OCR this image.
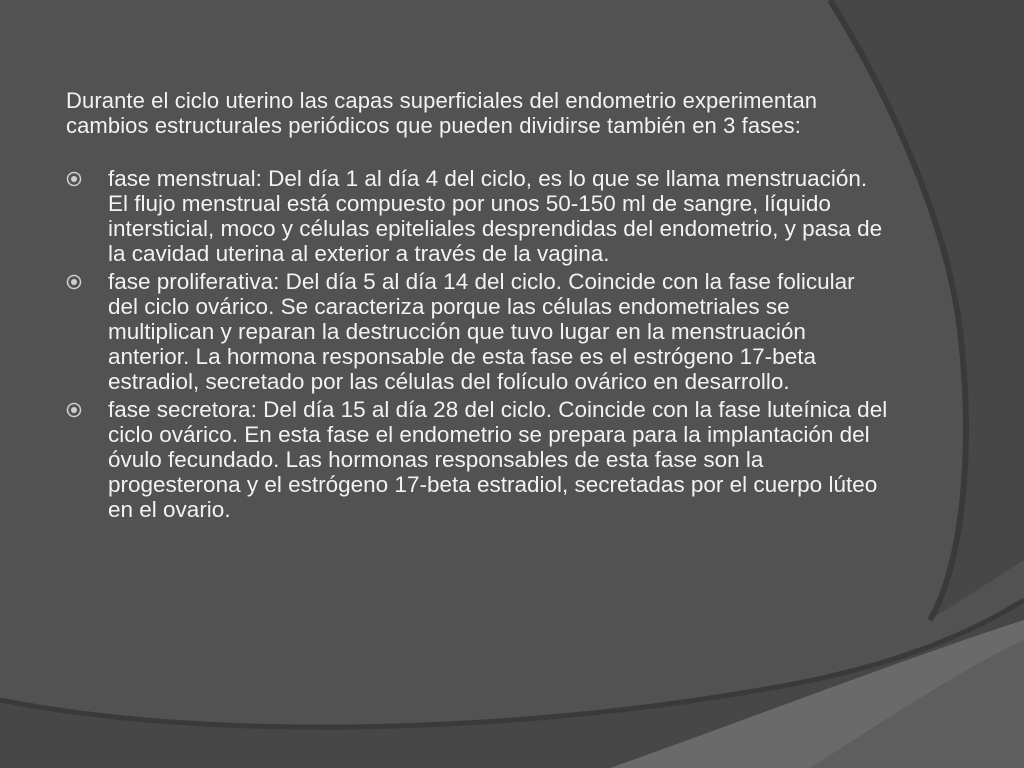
Durante el ciclo uterino las capas superficiales del endometrio experimentan cambios estructurales periódicos que pueden dividirse también en 3 fases:

fase menstrual: Del día 1 al día 4 del ciclo, es lo que se llama menstruación. El flujo menstrual está compuesto por unos 50-150 ml de sangre, líquido intersticial, moco y células epiteliales desprendidas del endometrio, y pasa de la cavidad uterina al exterior a través de la vagina.
fase proliferativa: Del día 5 al día 14 del ciclo. Coincide con la fase folicular del ciclo ovárico. Se caracteriza porque las células endometriales se multiplican y reparan la destrucción que tuvo lugar en la menstruación anterior. La hormona responsable de esta fase es el estrógeno 17-beta estradiol, secretado por las células del folículo ovárico en desarrollo.
fase secretora: Del día 15 al día 28 del ciclo. Coincide con la fase luteínica del ciclo ovárico. En esta fase el endometrio se prepara para la implantación del óvulo fecundado. Las hormonas responsables de esta fase son la progesterona y el estrógeno 17-beta estradiol, secretadas por el cuerpo lúteo en el ovario.
